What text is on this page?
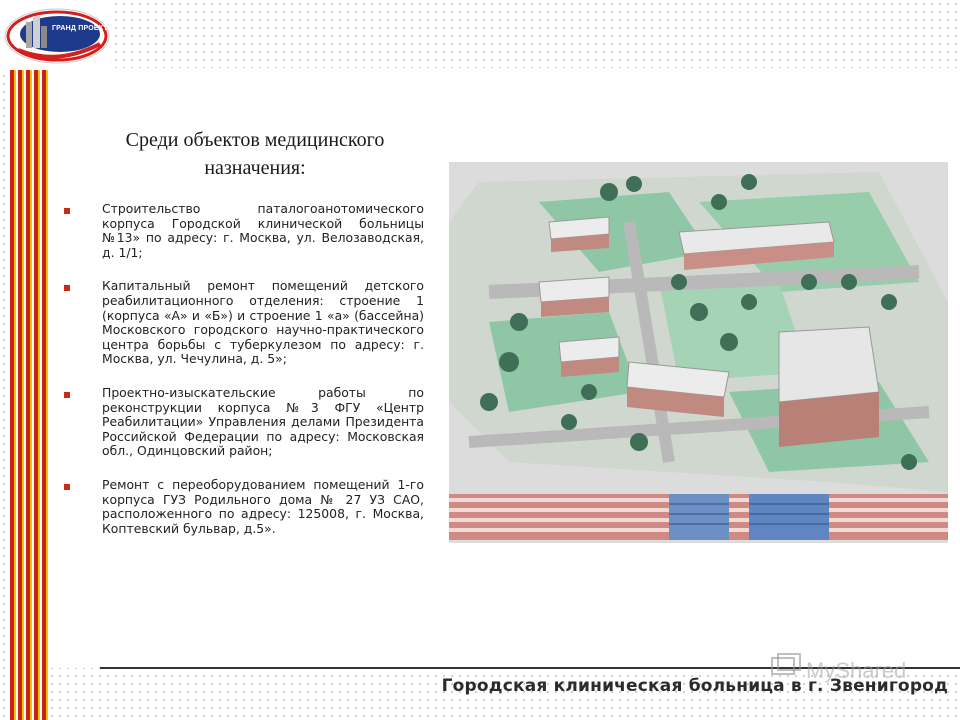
ГРАНД ПРОЕКТ
Среди объектов медицинского
назначения:
Строительство паталогоанотомического корпуса Городской клинической больницы №13» по адресу: г. Москва, ул. Велозаводская, д. 1/1;
Капитальный ремонт помещений детского реабилитационного отделения: строение 1 (корпуса «А» и «Б») и строение 1 «а» (бассейна) Московского городского научно-практического центра борьбы с туберкулезом по адресу: г. Москва, ул. Чечулина, д. 5»;
Проектно-изыскательские работы по реконструкции корпуса №3 ФГУ «Центр Реабилитации» Управления делами Президента Российской Федерации по адресу: Московская обл., Одинцовский район;
Ремонт с переоборудованием помещений 1-го корпуса ГУЗ Родильного дома № 27 УЗ САО, расположенного по адресу: 125008, г. Москва, Коптевский бульвар, д.5».
MyShared
Городская клиническая больница в г. Звенигород
